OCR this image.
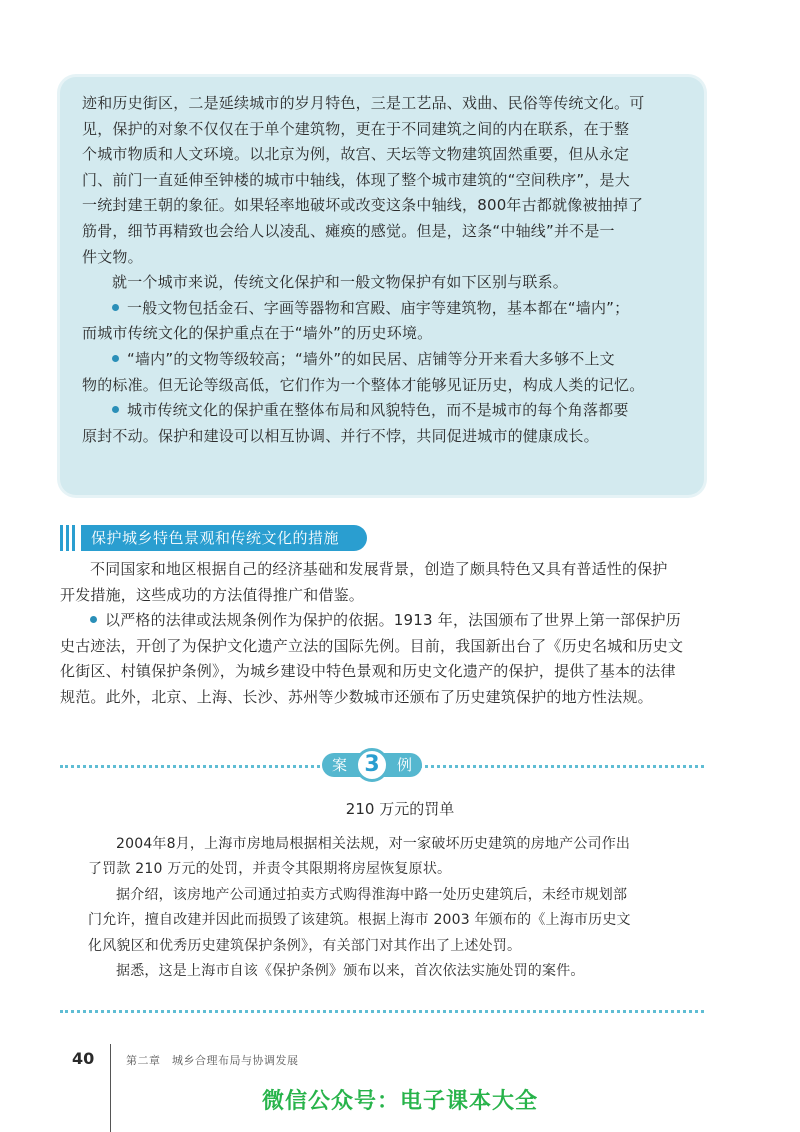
迹和历史街区，二是延续城市的岁月特色，三是工艺品、戏曲、民俗等传统文化。可

见，保护的对象不仅仅在于单个建筑物，更在于不同建筑之间的内在联系，在于整

个城市物质和人文环境。以北京为例，故宫、天坛等文物建筑固然重要，但从永定

门、前门一直延伸至钟楼的城市中轴线，体现了整个城市建筑的“空间秩序”，是大

一统封建王朝的象征。如果轻率地破坏或改变这条中轴线，800年古都就像被抽掉了

筋骨，细节再精致也会给人以凌乱、瘫痪的感觉。但是，这条“中轴线”并不是一

件文物。

就一个城市来说，传统文化保护和一般文物保护有如下区别与联系。

一般文物包括金石、字画等器物和宫殿、庙宇等建筑物，基本都在“墙内”；

而城市传统文化的保护重点在于“墙外”的历史环境。

“墙内”的文物等级较高；“墙外”的如民居、店铺等分开来看大多够不上文

物的标准。但无论等级高低，它们作为一个整体才能够见证历史，构成人类的记忆。

城市传统文化的保护重在整体布局和风貌特色，而不是城市的每个角落都要

原封不动。保护和建设可以相互协调、并行不悖，共同促进城市的健康成长。

保护城乡特色景观和传统文化的措施

不同国家和地区根据自己的经济基础和发展背景，创造了颇具特色又具有普适性的保护

开发措施，这些成功的方法值得推广和借鉴。

以严格的法律或法规条例作为保护的依据。1913 年，法国颁布了世界上第一部保护历

史古迹法，开创了为保护文化遗产立法的国际先例。目前，我国新出台了《历史名城和历史文

化街区、村镇保护条例》，为城乡建设中特色景观和历史文化遗产的保护，提供了基本的法律

规范。此外，北京、上海、长沙、苏州等少数城市还颁布了历史建筑保护的地方性法规。

案 3	例
210 万元的罚单

2004年8月，上海市房地局根据相关法规，对一家破坏历史建筑的房地产公司作出

了罚款 210 万元的处罚，并责令其限期将房屋恢复原状。

据介绍，该房地产公司通过拍卖方式购得淮海中路一处历史建筑后，未经市规划部

门允许，擅自改建并因此而损毁了该建筑。根据上海市 2003 年颁布的《上海市历史文

化风貌区和优秀历史建筑保护条例》，有关部门对其作出了上述处罚。

据悉，这是上海市自该《保护条例》颁布以来，首次依法实施处罚的案件。

40	第二章　城乡合理布局与协调发展
微信公众号：电子课本大全
